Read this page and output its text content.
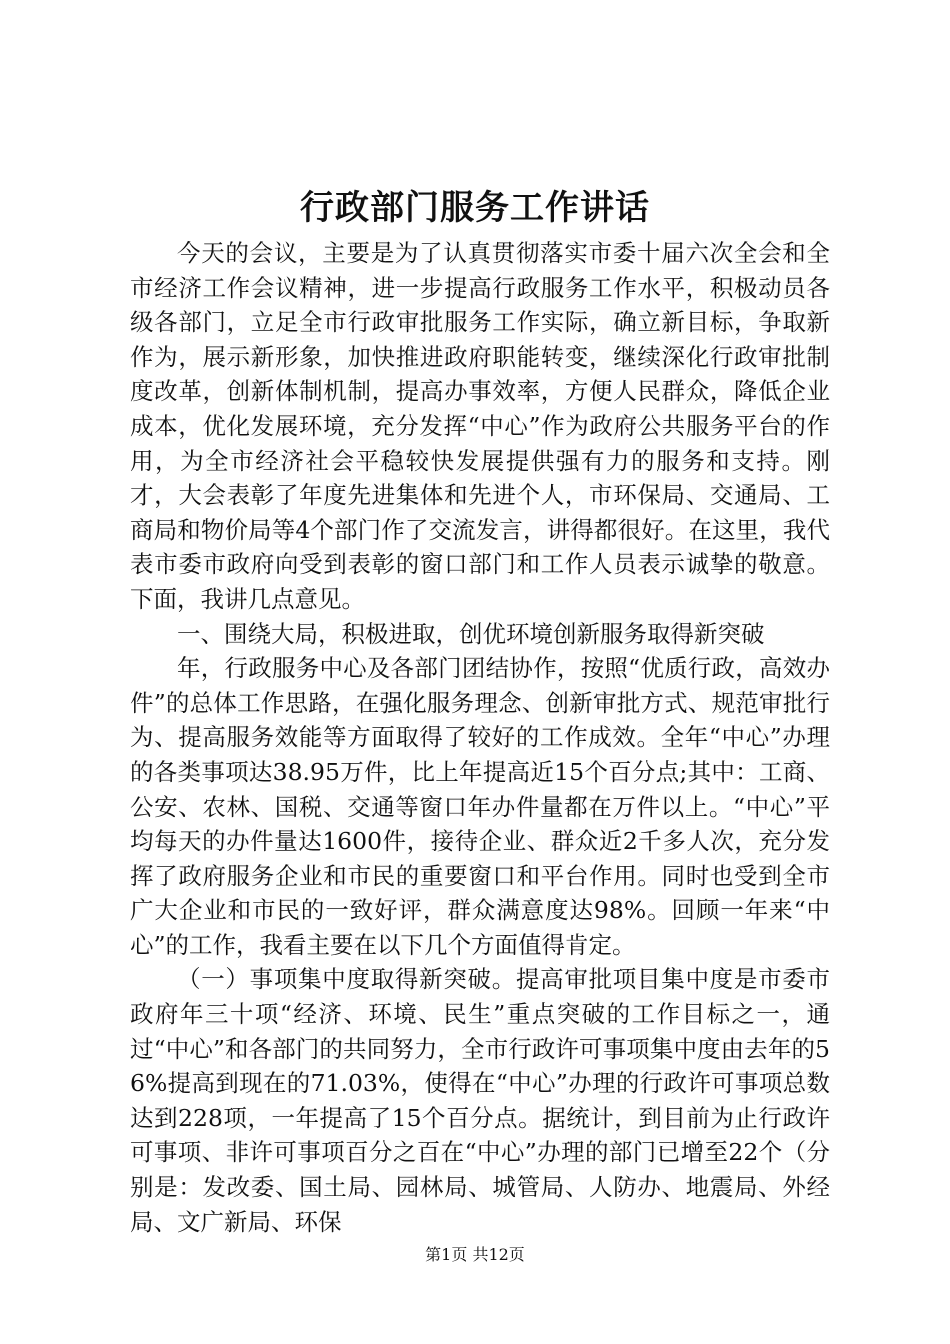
行政部门服务工作讲话

今天的会议，主要是为了认真贯彻落实市委十届六次全会和全市经济工作会议精神，进一步提高行政服务工作水平，积极动员各级各部门，立足全市行政审批服务工作实际，确立新目标，争取新作为，展示新形象，加快推进政府职能转变，继续深化行政审批制度改革，创新体制机制，提高办事效率，方便人民群众，降低企业成本，优化发展环境，充分发挥“中心”作为政府公共服务平台的作用，为全市经济社会平稳较快发展提供强有力的服务和支持。刚才，大会表彰了年度先进集体和先进个人，市环保局、交通局、工商局和物价局等4个部门作了交流发言，讲得都很好。在这里，我代表市委市政府向受到表彰的窗口部门和工作人员表示诚挚的敬意。下面，我讲几点意见。

一、围绕大局，积极进取，创优环境创新服务取得新突破

年，行政服务中心及各部门团结协作，按照“优质行政，高效办件”的总体工作思路，在强化服务理念、创新审批方式、规范审批行为、提高服务效能等方面取得了较好的工作成效。全年“中心”办理的各类事项达38.95万件，比上年提高近15个百分点;其中：工商、公安、农林、国税、交通等窗口年办件量都在万件以上。“中心”平均每天的办件量达1600件，接待企业、群众近2千多人次，充分发挥了政府服务企业和市民的重要窗口和平台作用。同时也受到全市广大企业和市民的一致好评，群众满意度达98%。回顾一年来“中心”的工作，我看主要在以下几个方面值得肯定。

（一）事项集中度取得新突破。提高审批项目集中度是市委市政府年三十项“经济、环境、民生”重点突破的工作目标之一，通过“中心”和各部门的共同努力，全市行政许可事项集中度由去年的56%提高到现在的71.03%，使得在“中心”办理的行政许可事项总数达到228项，一年提高了15个百分点。据统计，到目前为止行政许可事项、非许可事项百分之百在“中心”办理的部门已增至22个（分别是：发改委、国土局、园林局、城管局、人防办、地震局、外经局、文广新局、环保

第1页 共12页
